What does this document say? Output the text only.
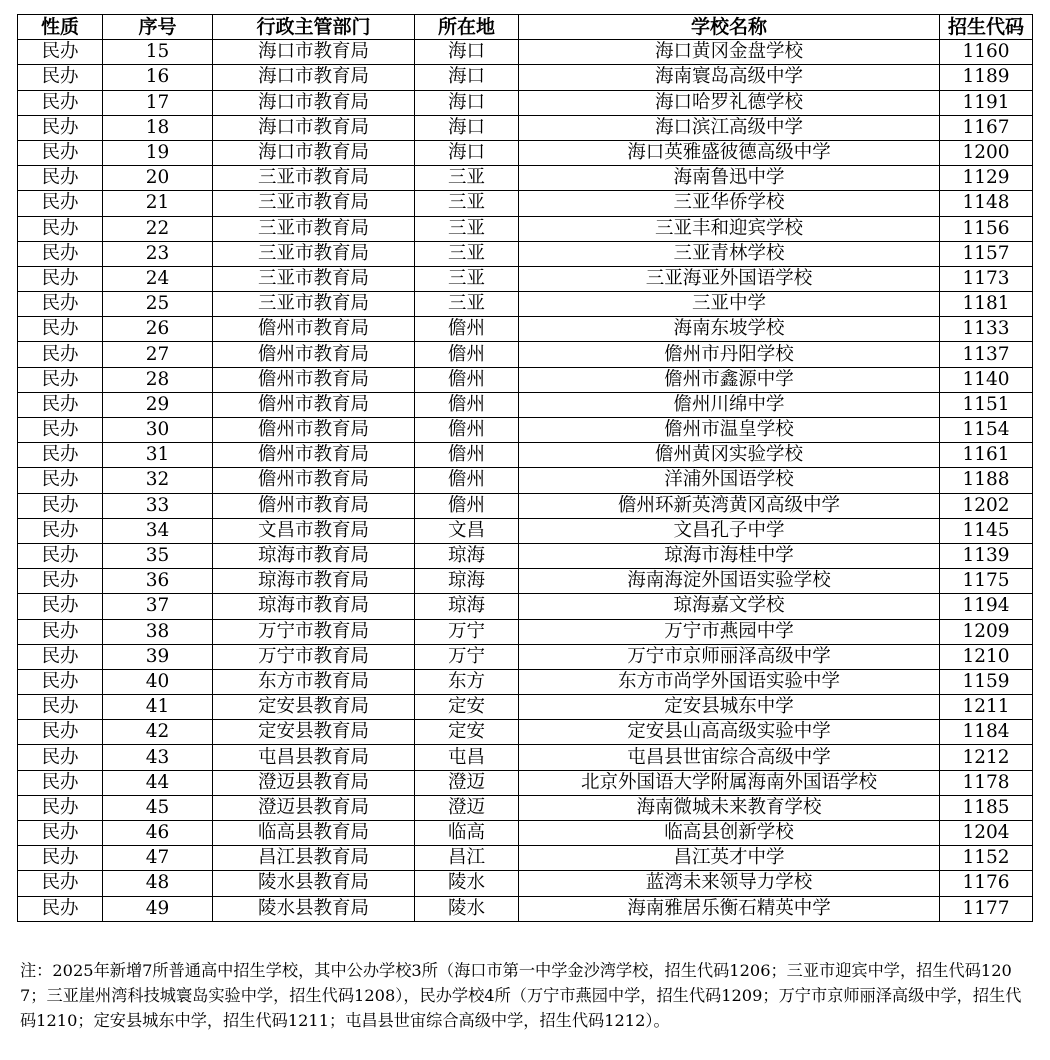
性质	序号	行政主管部门	所在地	学校名称	招生代码
民办	15	海口市教育局	海口	海口黄冈金盘学校	1160
民办	16	海口市教育局	海口	海南寰岛高级中学	1189
民办	17	海口市教育局	海口	海口哈罗礼德学校	1191
民办	18	海口市教育局	海口	海口滨江高级中学	1167
民办	19	海口市教育局	海口	海口英雅盛彼德高级中学	1200
民办	20	三亚市教育局	三亚	海南鲁迅中学	1129
民办	21	三亚市教育局	三亚	三亚华侨学校	1148
民办	22	三亚市教育局	三亚	三亚丰和迎宾学校	1156
民办	23	三亚市教育局	三亚	三亚青林学校	1157
民办	24	三亚市教育局	三亚	三亚海亚外国语学校	1173
民办	25	三亚市教育局	三亚	三亚中学	1181
民办	26	儋州市教育局	儋州	海南东坡学校	1133
民办	27	儋州市教育局	儋州	儋州市丹阳学校	1137
民办	28	儋州市教育局	儋州	儋州市鑫源中学	1140
民办	29	儋州市教育局	儋州	儋州川绵中学	1151
民办	30	儋州市教育局	儋州	儋州市温皇学校	1154
民办	31	儋州市教育局	儋州	儋州黄冈实验学校	1161
民办	32	儋州市教育局	儋州	洋浦外国语学校	1188
民办	33	儋州市教育局	儋州	儋州环新英湾黄冈高级中学	1202
民办	34	文昌市教育局	文昌	文昌孔子中学	1145
民办	35	琼海市教育局	琼海	琼海市海桂中学	1139
民办	36	琼海市教育局	琼海	海南海淀外国语实验学校	1175
民办	37	琼海市教育局	琼海	琼海嘉文学校	1194
民办	38	万宁市教育局	万宁	万宁市燕园中学	1209
民办	39	万宁市教育局	万宁	万宁市京师丽泽高级中学	1210
民办	40	东方市教育局	东方	东方市尚学外国语实验中学	1159
民办	41	定安县教育局	定安	定安县城东中学	1211
民办	42	定安县教育局	定安	定安县山高高级实验中学	1184
民办	43	屯昌县教育局	屯昌	屯昌县世宙综合高级中学	1212
民办	44	澄迈县教育局	澄迈	北京外国语大学附属海南外国语学校	1178
民办	45	澄迈县教育局	澄迈	海南微城未来教育学校	1185
民办	46	临高县教育局	临高	临高县创新学校	1204
民办	47	昌江县教育局	昌江	昌江英才中学	1152
民办	48	陵水县教育局	陵水	蓝湾未来领导力学校	1176
民办	49	陵水县教育局	陵水	海南雅居乐衡石精英中学	1177
注：2025年新增7所普通高中招生学校，其中公办学校3所（海口市第一中学金沙湾学校，招生代码1206；三亚市迎宾中学，招生代码1207；三亚崖州湾科技城寰岛实验中学，招生代码1208），民办学校4所（万宁市燕园中学，招生代码1209；万宁市京师丽泽高级中学，招生代码1210；定安县城东中学，招生代码1211；屯昌县世宙综合高级中学，招生代码1212）。
